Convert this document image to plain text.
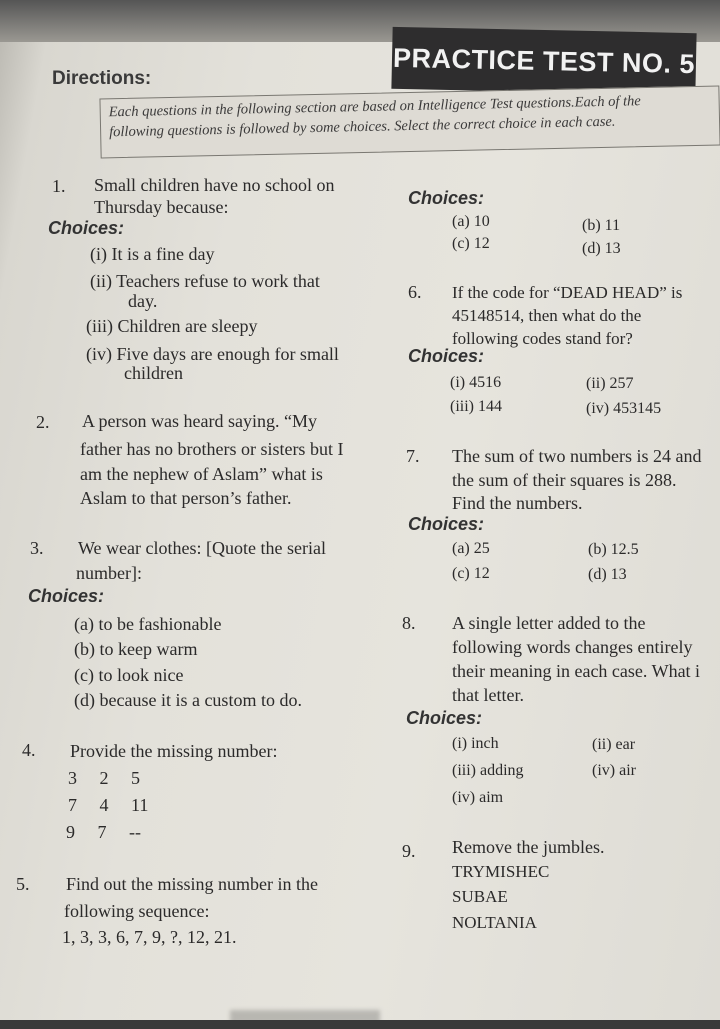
PRACTICE TEST NO. 5
Directions:
Each questions in the following section are based on Intelligence Test questions.Each of the
following questions is followed by some choices. Select the correct choice in each case.
1. Small children have no school on
Thursday because:
Choices:
(i) It is a fine day
(ii) Teachers refuse to work that
day.
(iii) Children are sleepy
(iv) Five days are enough for small
children
2. A person was heard saying. “My
father has no brothers or sisters but I
am the nephew of Aslam” what is
Aslam to that person’s father.
3. We wear clothes: [Quote the serial
number]:
Choices:
(a) to be fashionable
(b) to keep warm
(c) to look nice
(d) because it is a custom to do.
4. Provide the missing number:
3     2     5
7     4     11
9     7     --
5. Find out the missing number in the
following sequence:
1, 3, 3, 6, 7, 9, ?, 12, 21.
Choices:
(a) 10	(b) 11
(c) 12	(d) 13
6. If the code for “DEAD HEAD” is
45148514, then what do the
following codes stand for?
Choices:
(i) 4516	(ii) 257
(iii) 144	(iv) 453145
7. The sum of two numbers is 24 and
the sum of their squares is 288.
Find the numbers.
Choices:
(a) 25	(b) 12.5
(c) 12	(d) 13
8. A single letter added to the
following words changes entirely
their meaning in each case. What i
that letter.
Choices:
(i) inch	(ii) ear
(iii) adding	(iv) air
(iv) aim
9. Remove the jumbles.
TRYMISHEC
SUBAE
NOLTANIA
